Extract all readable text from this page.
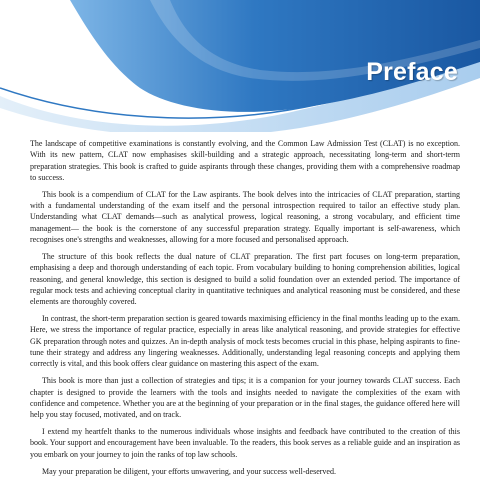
Preface

The landscape of competitive examinations is constantly evolving, and the Common Law Admission Test (CLAT) is no exception. With its new pattern, CLAT now emphasises skill-building and a strategic approach, necessitating long-term and short-term preparation strategies. This book is crafted to guide aspirants through these changes, providing them with a comprehensive roadmap to success.

This book is a compendium of CLAT for the Law aspirants. The book delves into the intricacies of CLAT preparation, starting with a fundamental understanding of the exam itself and the personal introspection required to tailor an effective study plan. Understanding what CLAT demands—such as analytical prowess, logical reasoning, a strong vocabulary, and efficient time management— the book is the cornerstone of any successful preparation strategy. Equally important is self-awareness, which recognises one's strengths and weaknesses, allowing for a more focused and personalised approach.

The structure of this book reflects the dual nature of CLAT preparation. The first part focuses on long-term preparation, emphasising a deep and thorough understanding of each topic. From vocabulary building to honing comprehension abilities, logical reasoning, and general knowledge, this section is designed to build a solid foundation over an extended period. The importance of regular mock tests and achieving conceptual clarity in quantitative techniques and analytical reasoning must be considered, and these elements are thoroughly covered.

In contrast, the short-term preparation section is geared towards maximising efficiency in the final months leading up to the exam. Here, we stress the importance of regular practice, especially in areas like analytical reasoning, and provide strategies for effective GK preparation through notes and quizzes. An in-depth analysis of mock tests becomes crucial in this phase, helping aspirants to fine-tune their strategy and address any lingering weaknesses. Additionally, understanding legal reasoning concepts and applying them correctly is vital, and this book offers clear guidance on mastering this aspect of the exam.

This book is more than just a collection of strategies and tips; it is a companion for your journey towards CLAT success. Each chapter is designed to provide the learners with the tools and insights needed to navigate the complexities of the exam with confidence and competence. Whether you are at the beginning of your preparation or in the final stages, the guidance offered here will help you stay focused, motivated, and on track.

I extend my heartfelt thanks to the numerous individuals whose insights and feedback have contributed to the creation of this book. Your support and encouragement have been invaluable. To the readers, this book serves as a reliable guide and an inspiration as you embark on your journey to join the ranks of top law schools.

May your preparation be diligent, your efforts unwavering, and your success well-deserved.
